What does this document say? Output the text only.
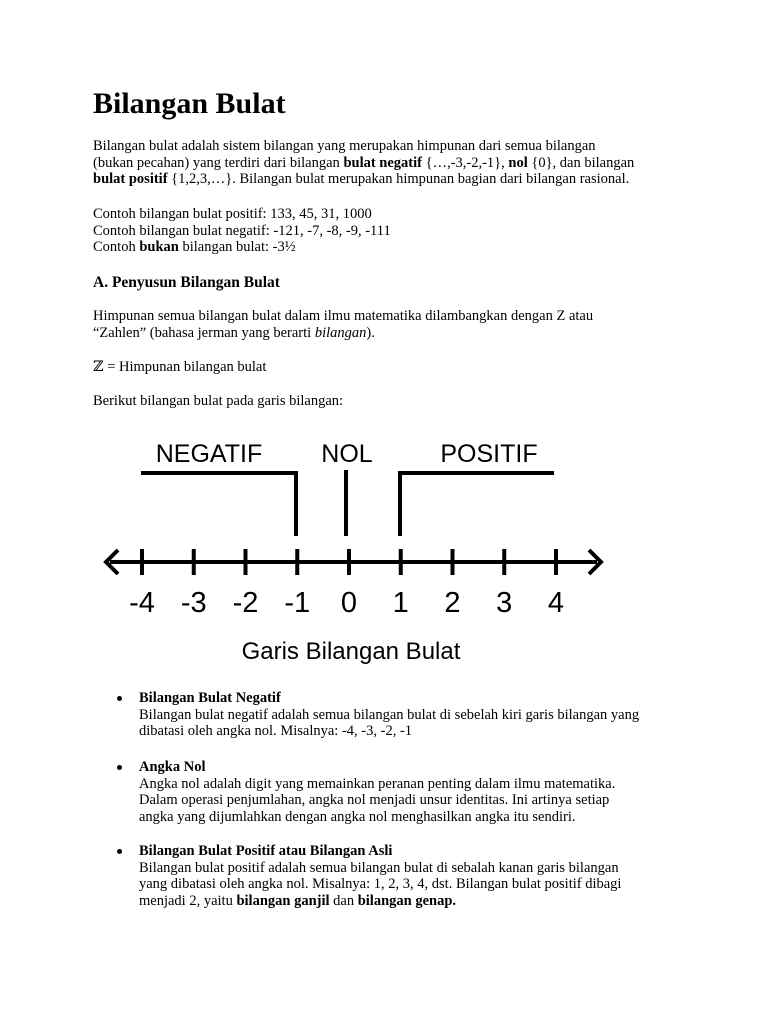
Bilangan Bulat
Bilangan bulat adalah sistem bilangan yang merupakan himpunan dari semua bilangan
(bukan pecahan) yang terdiri dari bilangan bulat negatif {…,-3,-2,-1}, nol {0}, dan bilangan
bulat positif {1,2,3,…}. Bilangan bulat merupakan himpunan bagian dari bilangan rasional.
Contoh bilangan bulat positif: 133, 45, 31, 1000
Contoh bilangan bulat negatif: -121, -7, -8, -9, -111
Contoh bukan bilangan bulat: -3½
A. Penyusun Bilangan Bulat
Himpunan semua bilangan bulat dalam ilmu matematika dilambangkan dengan Z atau
“Zahlen” (bahasa jerman yang berarti bilangan).
ℤ = Himpunan bilangan bulat
Berikut bilangan bulat pada garis bilangan:
NEGATIF NOL	POSITIF
-4 -3 -2 -1 0 1 2 3 4
Garis Bilangan Bulat
Bilangan Bulat Negatif
Bilangan bulat negatif adalah semua bilangan bulat di sebelah kiri garis bilangan yang
dibatasi oleh angka nol. Misalnya: -4, -3, -2, -1
Angka Nol
Angka nol adalah digit yang memainkan peranan penting dalam ilmu matematika.
Dalam operasi penjumlahan, angka nol menjadi unsur identitas. Ini artinya setiap
angka yang dijumlahkan dengan angka nol menghasilkan angka itu sendiri.
Bilangan Bulat Positif atau Bilangan Asli
Bilangan bulat positif adalah semua bilangan bulat di sebalah kanan garis bilangan
yang dibatasi oleh angka nol. Misalnya: 1, 2, 3, 4, dst. Bilangan bulat positif dibagi
menjadi 2, yaitu bilangan ganjil dan bilangan genap.
